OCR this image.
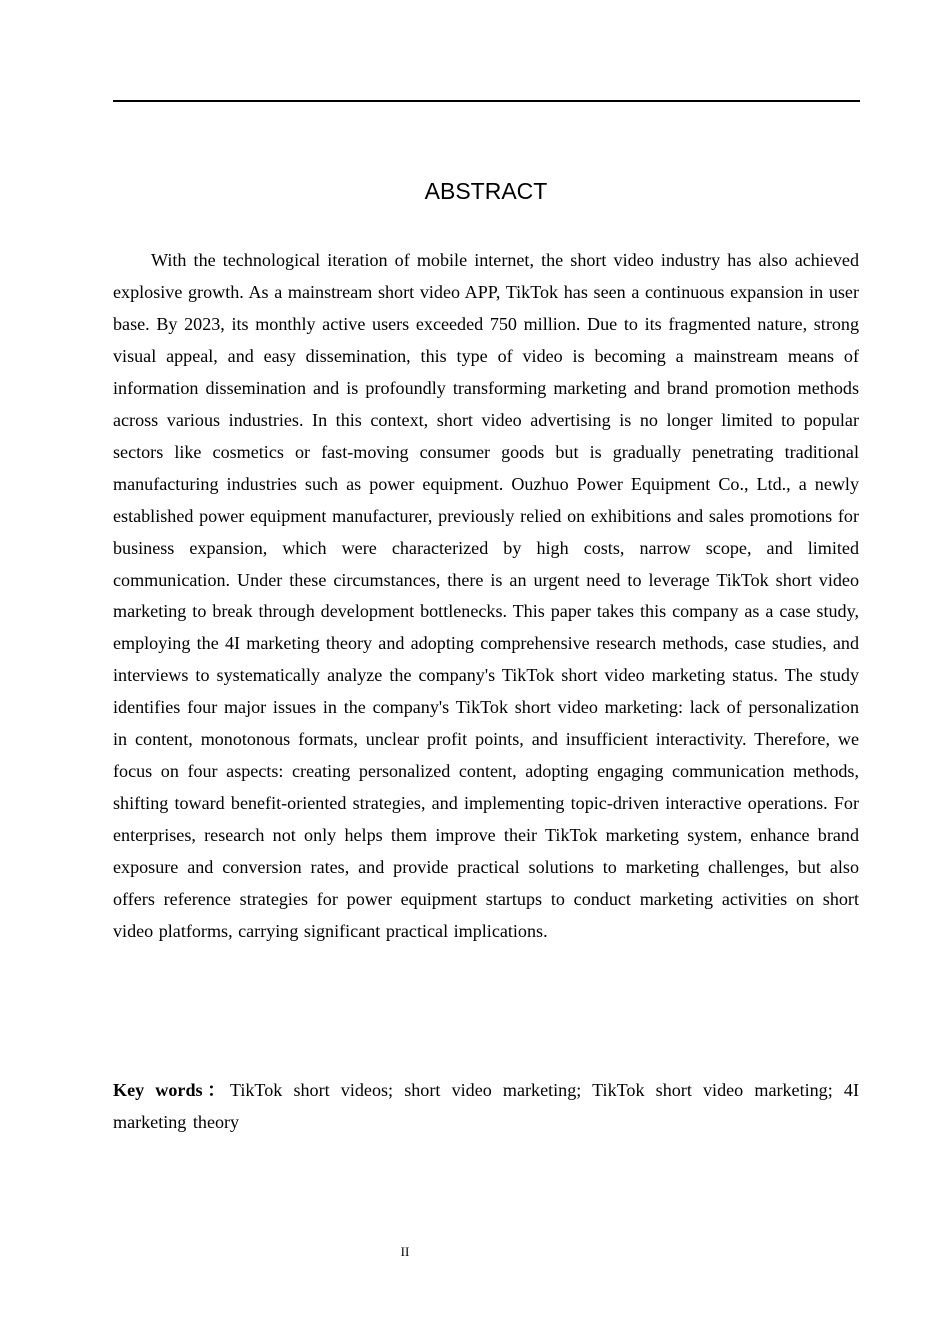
ABSTRACT

With the technological iteration of mobile internet, the short video industry has also achieved explosive growth. As a mainstream short video APP, TikTok has seen a continuous expansion in user base. By 2023, its monthly active users exceeded 750 million. Due to its fragmented nature, strong visual appeal, and easy dissemination, this type of video is becoming a mainstream means of information dissemination and is profoundly transforming marketing and brand promotion methods across various industries. In this context, short video advertising is no longer limited to popular sectors like cosmetics or fast-moving consumer goods but is gradually penetrating traditional manufacturing industries such as power equipment. Ouzhuo Power Equipment Co., Ltd., a newly established power equipment manufacturer, previously relied on exhibitions and sales promotions for business expansion, which were characterized by high costs, narrow scope, and limited communication. Under these circumstances, there is an urgent need to leverage TikTok short video marketing to break through development bottlenecks. This paper takes this company as a case study, employing the 4I marketing theory and adopting comprehensive research methods, case studies, and interviews to systematically analyze the company's TikTok short video marketing status. The study identifies four major issues in the company's TikTok short video marketing: lack of personalization in content, monotonous formats, unclear profit points, and insufficient interactivity. Therefore, we focus on four aspects: creating personalized content, adopting engaging communication methods, shifting toward benefit-oriented strategies, and implementing topic-driven interactive operations. For enterprises, research not only helps them improve their TikTok marketing system, enhance brand exposure and conversion rates, and provide practical solutions to marketing challenges, but also offers reference strategies for power equipment startups to conduct marketing activities on short video platforms, carrying significant practical implications.

Key words：TikTok short videos; short video marketing; TikTok short video marketing; 4I marketing theory

II
